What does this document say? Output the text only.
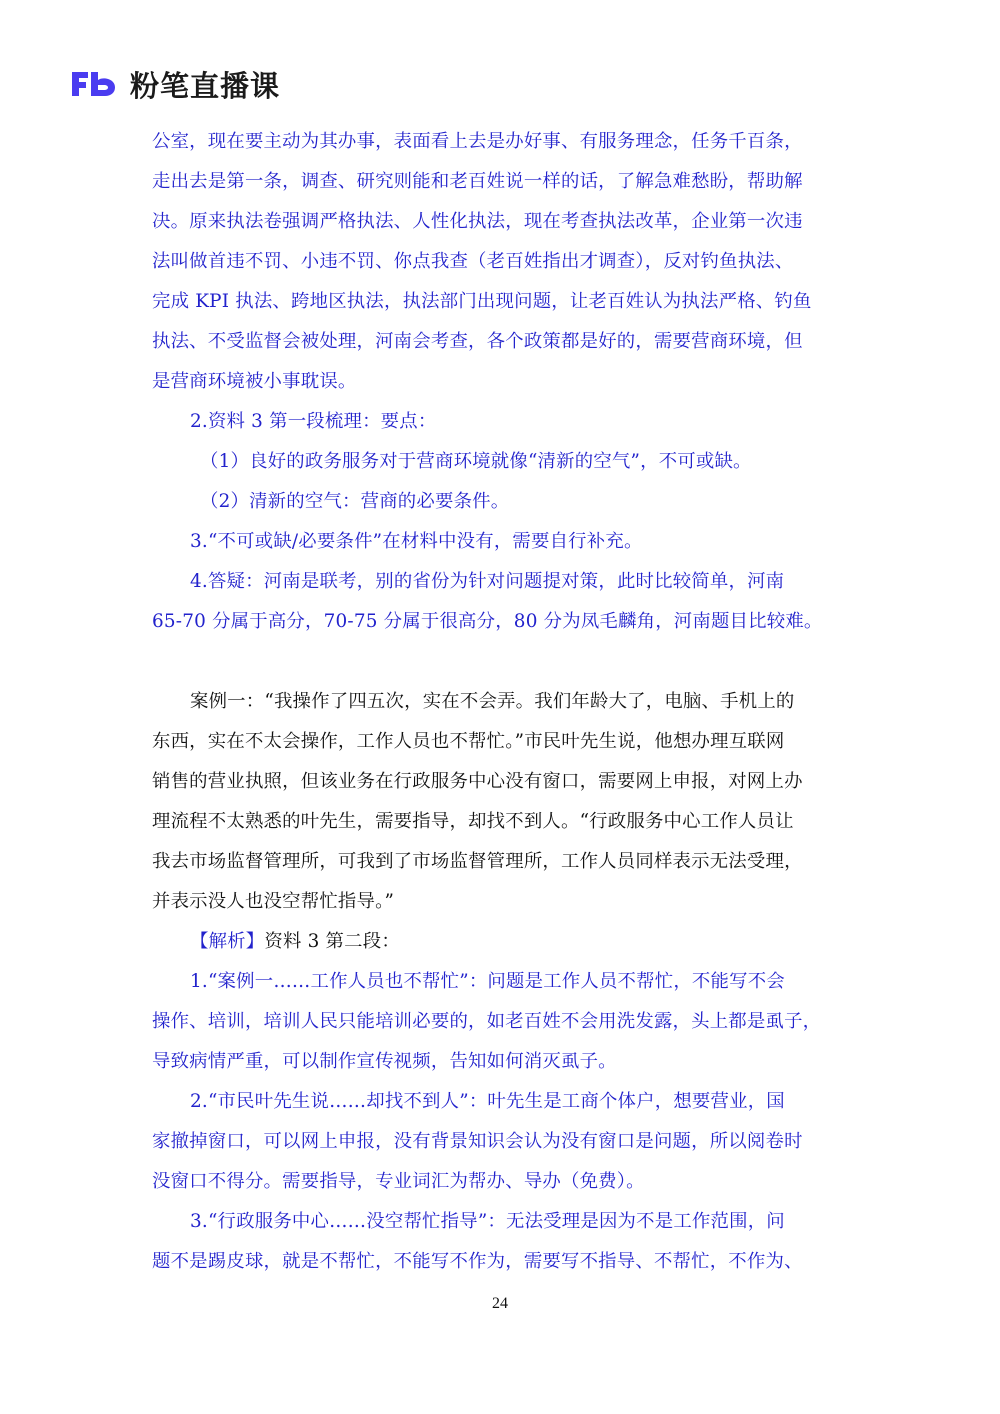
粉笔直播课
公室，现在要主动为其办事，表面看上去是办好事、有服务理念，任务千百条，
走出去是第一条，调查、研究则能和老百姓说一样的话，了解急难愁盼，帮助解
决。原来执法卷强调严格执法、人性化执法，现在考查执法改革，企业第一次违
法叫做首违不罚、小违不罚、你点我查（老百姓指出才调查），反对钓鱼执法、
完成 KPI 执法、跨地区执法，执法部门出现问题，让老百姓认为执法严格、钓鱼
执法、不受监督会被处理，河南会考查，各个政策都是好的，需要营商环境，但
是营商环境被小事耽误。
2.资料 3 第一段梳理：要点：
（1）良好的政务服务对于营商环境就像“清新的空气”，不可或缺。
（2）清新的空气：营商的必要条件。
3.“不可或缺/必要条件”在材料中没有，需要自行补充。
4.答疑：河南是联考，别的省份为针对问题提对策，此时比较简单，河南
65-70 分属于高分，70-75 分属于很高分，80 分为凤毛麟角，河南题目比较难。
案例一：“我操作了四五次，实在不会弄。我们年龄大了，电脑、手机上的
东西，实在不太会操作，工作人员也不帮忙。”市民叶先生说，他想办理互联网
销售的营业执照，但该业务在行政服务中心没有窗口，需要网上申报，对网上办
理流程不太熟悉的叶先生，需要指导，却找不到人。“行政服务中心工作人员让
我去市场监督管理所，可我到了市场监督管理所，工作人员同样表示无法受理，
并表示没人也没空帮忙指导。”
【解析】资料 3 第二段：
1.“案例一……工作人员也不帮忙”：问题是工作人员不帮忙，不能写不会
操作、培训，培训人民只能培训必要的，如老百姓不会用洗发露，头上都是虱子，
导致病情严重，可以制作宣传视频，告知如何消灭虱子。
2.“市民叶先生说……却找不到人”：叶先生是工商个体户，想要营业，国
家撤掉窗口，可以网上申报，没有背景知识会认为没有窗口是问题，所以阅卷时
没窗口不得分。需要指导，专业词汇为帮办、导办（免费）。
3.“行政服务中心……没空帮忙指导”：无法受理是因为不是工作范围，问
题不是踢皮球，就是不帮忙，不能写不作为，需要写不指导、不帮忙，不作为、
24
